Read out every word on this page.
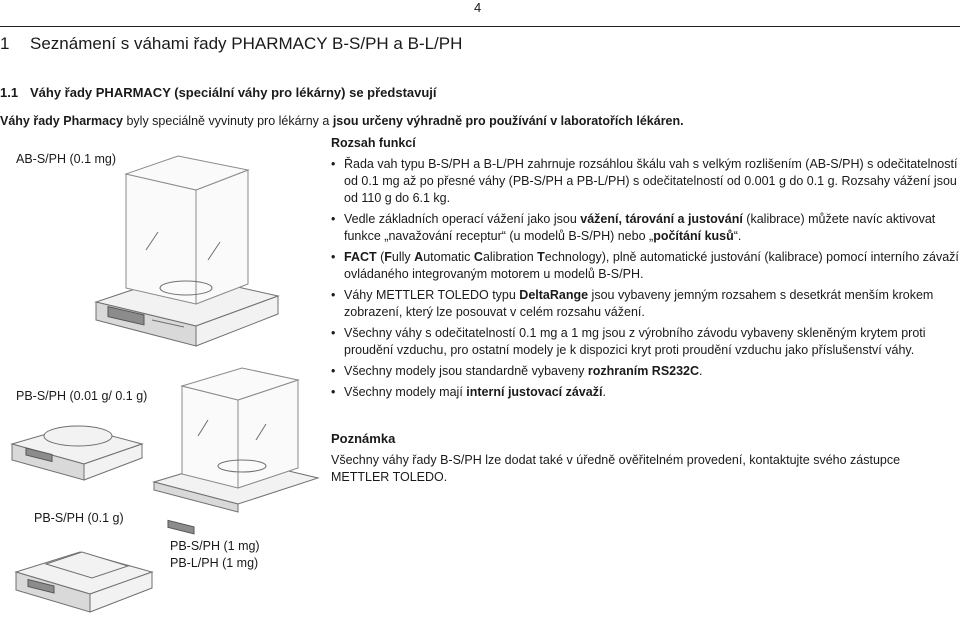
4
1 Seznámení s váhami řady PHARMACY B-S/PH a B-L/PH
1.1 Váhy řady PHARMACY (speciální váhy pro lékárny) se představují
Váhy řady Pharmacy byly speciálně vyvinuty pro lékárny a jsou určeny výhradně pro používání v laboratořích lékáren.
AB-S/PH (0.1 mg)
PB-S/PH (0.01 g/ 0.1 g)
PB-S/PH (0.1 g)
PB-S/PH (1 mg)
PB-L/PH (1 mg)
Rozsah funkcí
• Řada vah typu B-S/PH a B-L/PH zahrnuje rozsáhlou škálu vah s velkým rozlišením (AB-S/PH) s odečitatelností od 0.1 mg až po přesné váhy (PB-S/PH a PB-L/PH) s odečitatelností od 0.001 g do 0.1 g. Rozsahy vážení jsou od 110 g do 6.1 kg.
• Vedle základních operací vážení jako jsou vážení, tárování a justování (kalibrace) můžete navíc aktivovat funkce „navažování receptur“ (u modelů B-S/PH) nebo „počítání kusů“.
• FACT (Fully Automatic Calibration Technology), plně automatické justování (kalibrace) pomocí interního závaží ovládaného integrovaným motorem u modelů B-S/PH.
• Váhy METTLER TOLEDO typu DeltaRange jsou vybaveny jemným rozsahem s desetkrát menším krokem zobrazení, který lze posouvat v celém rozsahu vážení.
• Všechny váhy s odečitatelností 0.1 mg a 1 mg jsou z výrobního závodu vybaveny skleněným krytem proti proudění vzduchu, pro ostatní modely je k dispozici kryt proti proudění vzduchu jako příslušenství váhy.
• Všechny modely jsou standardně vybaveny rozhraním RS232C.
• Všechny modely mají interní justovací závaží.
Poznámka
Všechny váhy řady B-S/PH lze dodat také v úředně ověřitelném provedení, kontaktujte svého zástupce METTLER TOLEDO.
